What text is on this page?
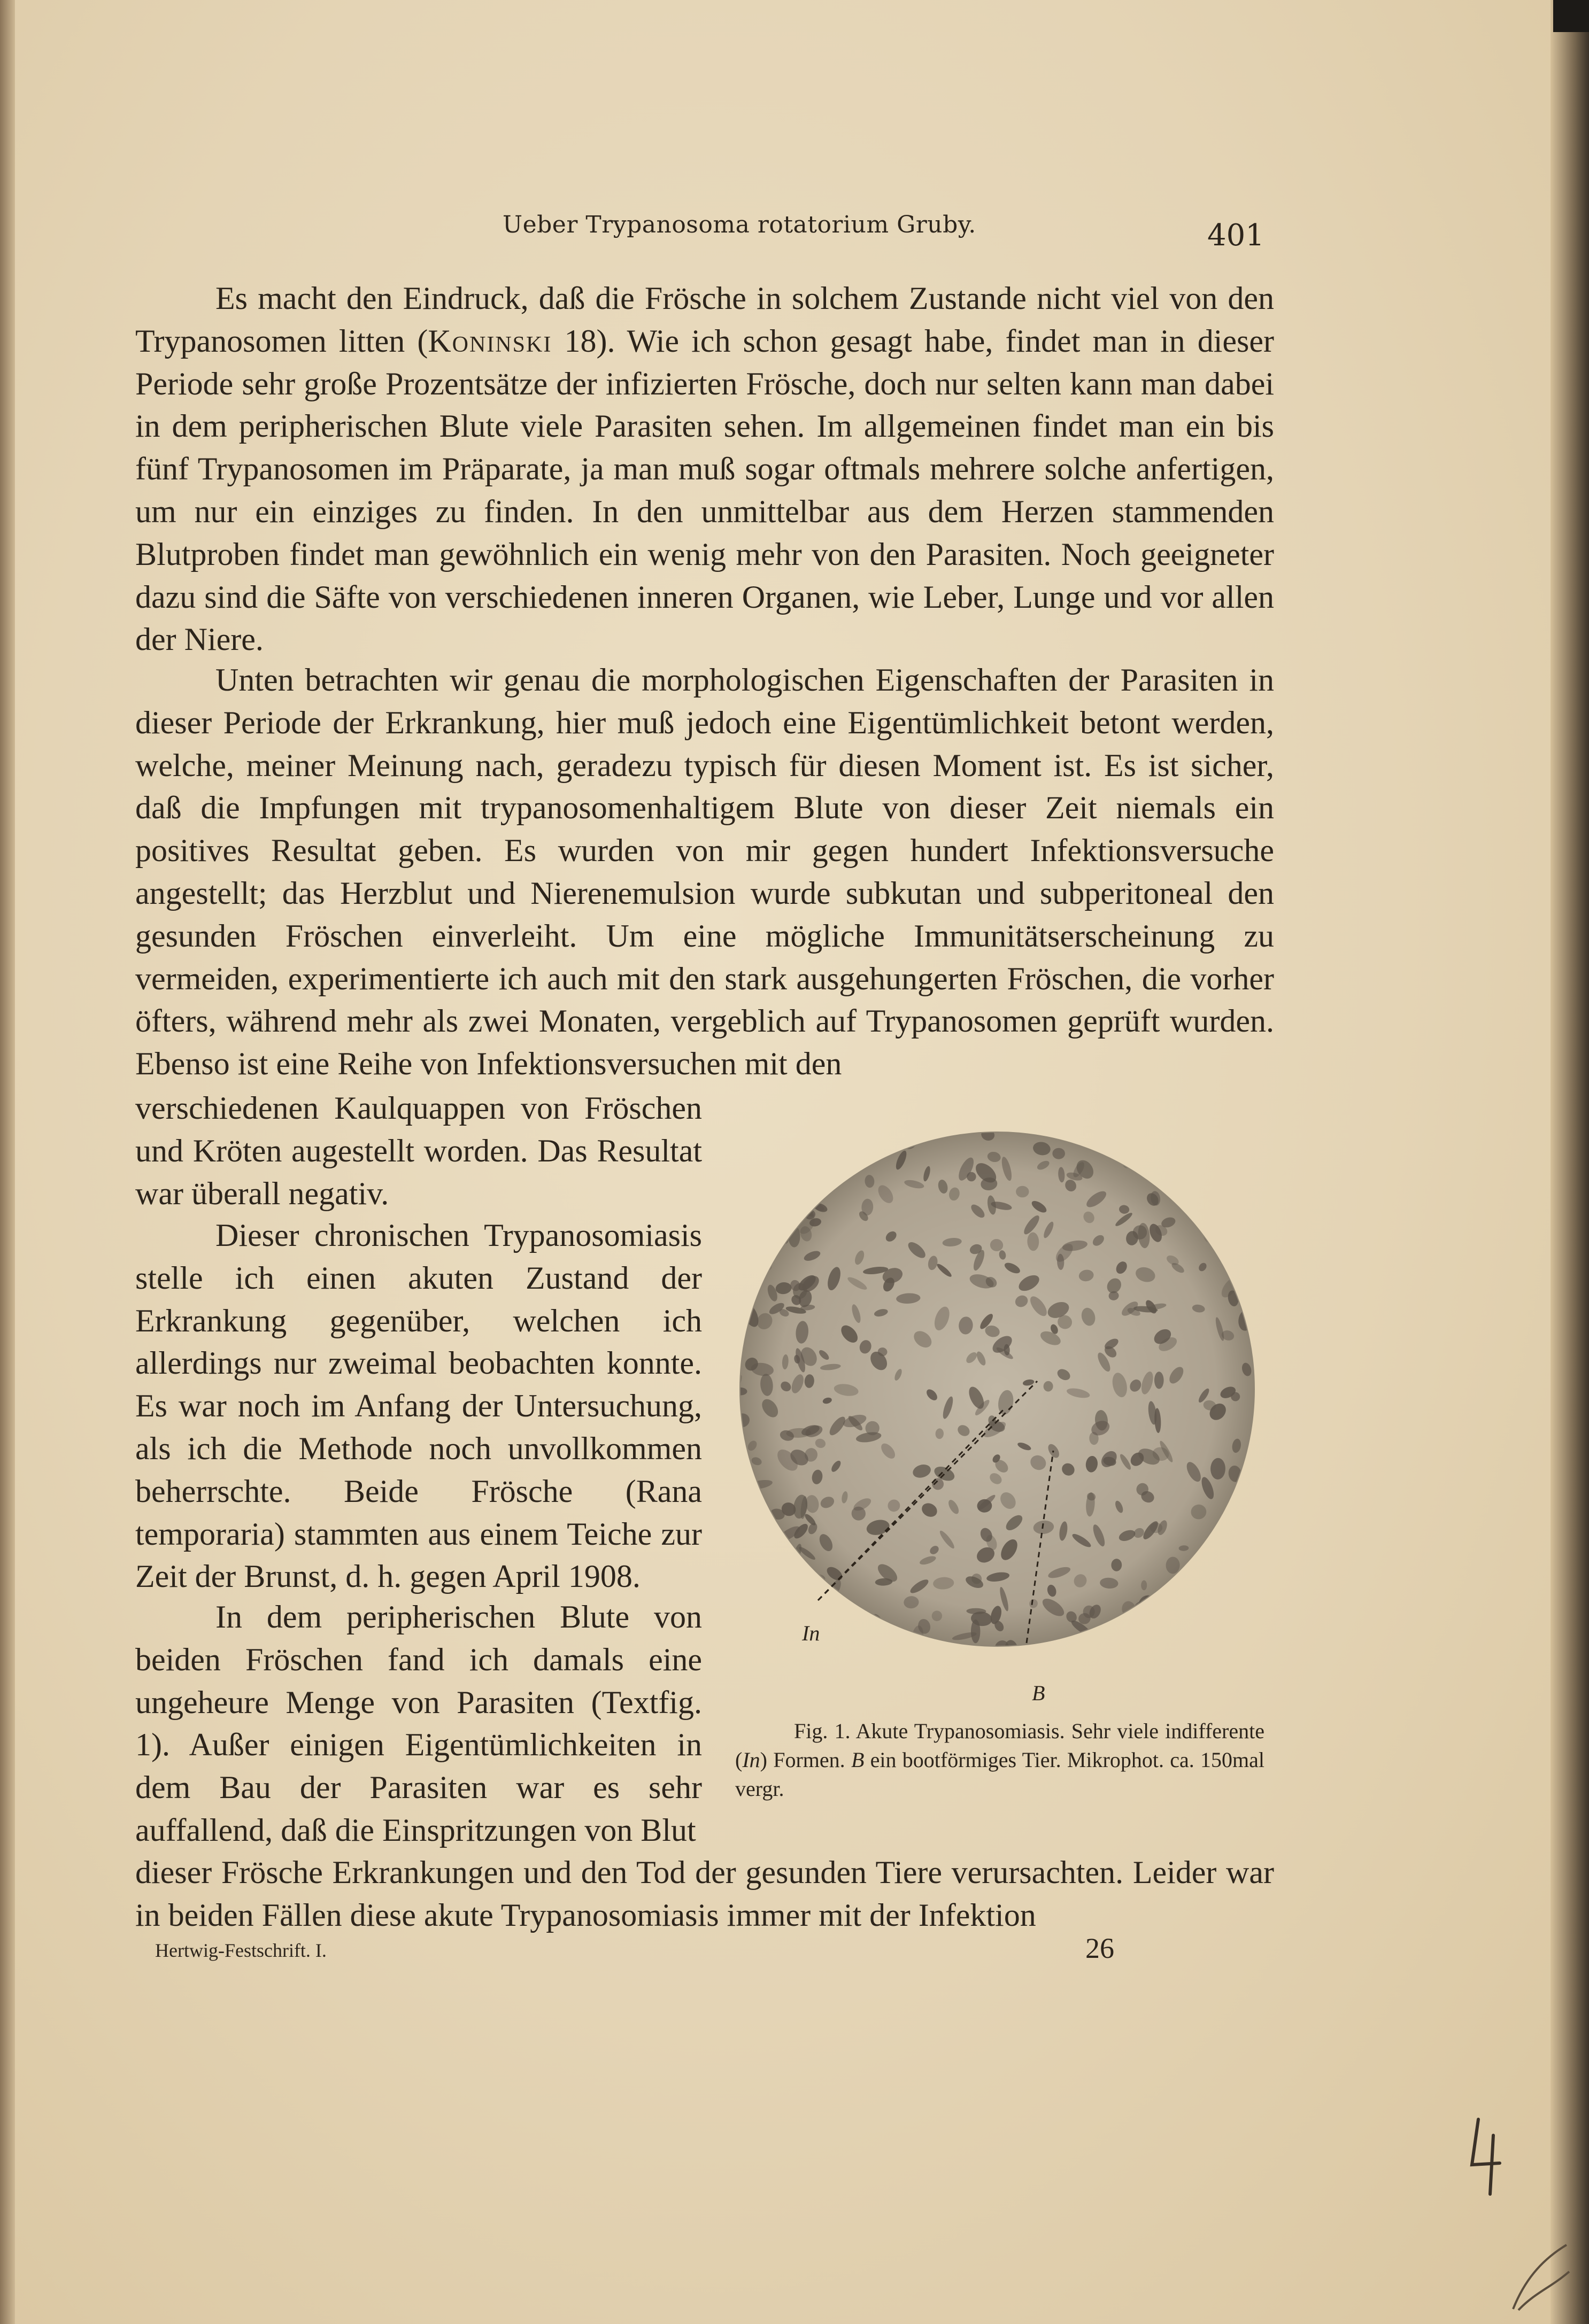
Ueber Trypanosoma rotatorium Gruby.	401

Es macht den Eindruck, daß die Frösche in solchem Zustande nicht viel von den Trypanosomen litten (Koninski 18). Wie ich schon gesagt habe, findet man in dieser Periode sehr große Prozentsätze der infizierten Frösche, doch nur selten kann man dabei in dem peripherischen Blute viele Parasiten sehen. Im allgemeinen findet man ein bis fünf Trypanosomen im Präparate, ja man muß sogar oftmals mehrere solche anfertigen, um nur ein einziges zu finden. In den unmittelbar aus dem Herzen stammenden Blutproben findet man gewöhnlich ein wenig mehr von den Parasiten. Noch geeigneter dazu sind die Säfte von verschiedenen inneren Organen, wie Leber, Lunge und vor allen der Niere.

Unten betrachten wir genau die morphologischen Eigenschaften der Parasiten in dieser Periode der Erkrankung, hier muß jedoch eine Eigentümlichkeit betont werden, welche, meiner Meinung nach, geradezu typisch für diesen Moment ist. Es ist sicher, daß die Impfungen mit trypanosomenhaltigem Blute von dieser Zeit niemals ein positives Resultat geben. Es wurden von mir gegen hundert Infektionsversuche angestellt; das Herzblut und Nierenemulsion wurde subkutan und subperitoneal den gesunden Fröschen einverleiht. Um eine mögliche Immunitätserscheinung zu vermeiden, experimentierte ich auch mit den stark ausgehungerten Fröschen, die vorher öfters, während mehr als zwei Monaten, vergeblich auf Trypanosomen geprüft wurden. Ebenso ist eine Reihe von Infektionsversuchen mit den

verschiedenen Kaulquappen von Fröschen und Kröten augestellt worden. Das Resultat war überall negativ.

Dieser chronischen Trypanosomiasis stelle ich einen akuten Zustand der Erkrankung gegenüber, welchen ich allerdings nur zweimal beobachten konnte. Es war noch im Anfang der Untersuchung, als ich die Methode noch unvollkommen beherrschte. Beide Frösche (Rana temporaria) stammten aus einem Teiche zur Zeit der Brunst, d. h. gegen April 1908.

In dem peripherischen Blute von beiden Fröschen fand ich damals eine ungeheure Menge von Parasiten (Textfig. 1). Außer einigen Eigentümlichkeiten in dem Bau der Parasiten war es sehr auffallend, daß die Einspritzungen von Blut

dieser Frösche Erkrankungen und den Tod der gesunden Tiere verursachten. Leider war in beiden Fällen diese akute Trypanosomiasis immer mit der Infektion

In
B
Fig. 1. Akute Trypanosomiasis. Sehr viele indifferente (In) Formen. B ein bootförmiges Tier. Mikrophot. ca. 150mal vergr.
Hertwig-Festschrift. I.	26
